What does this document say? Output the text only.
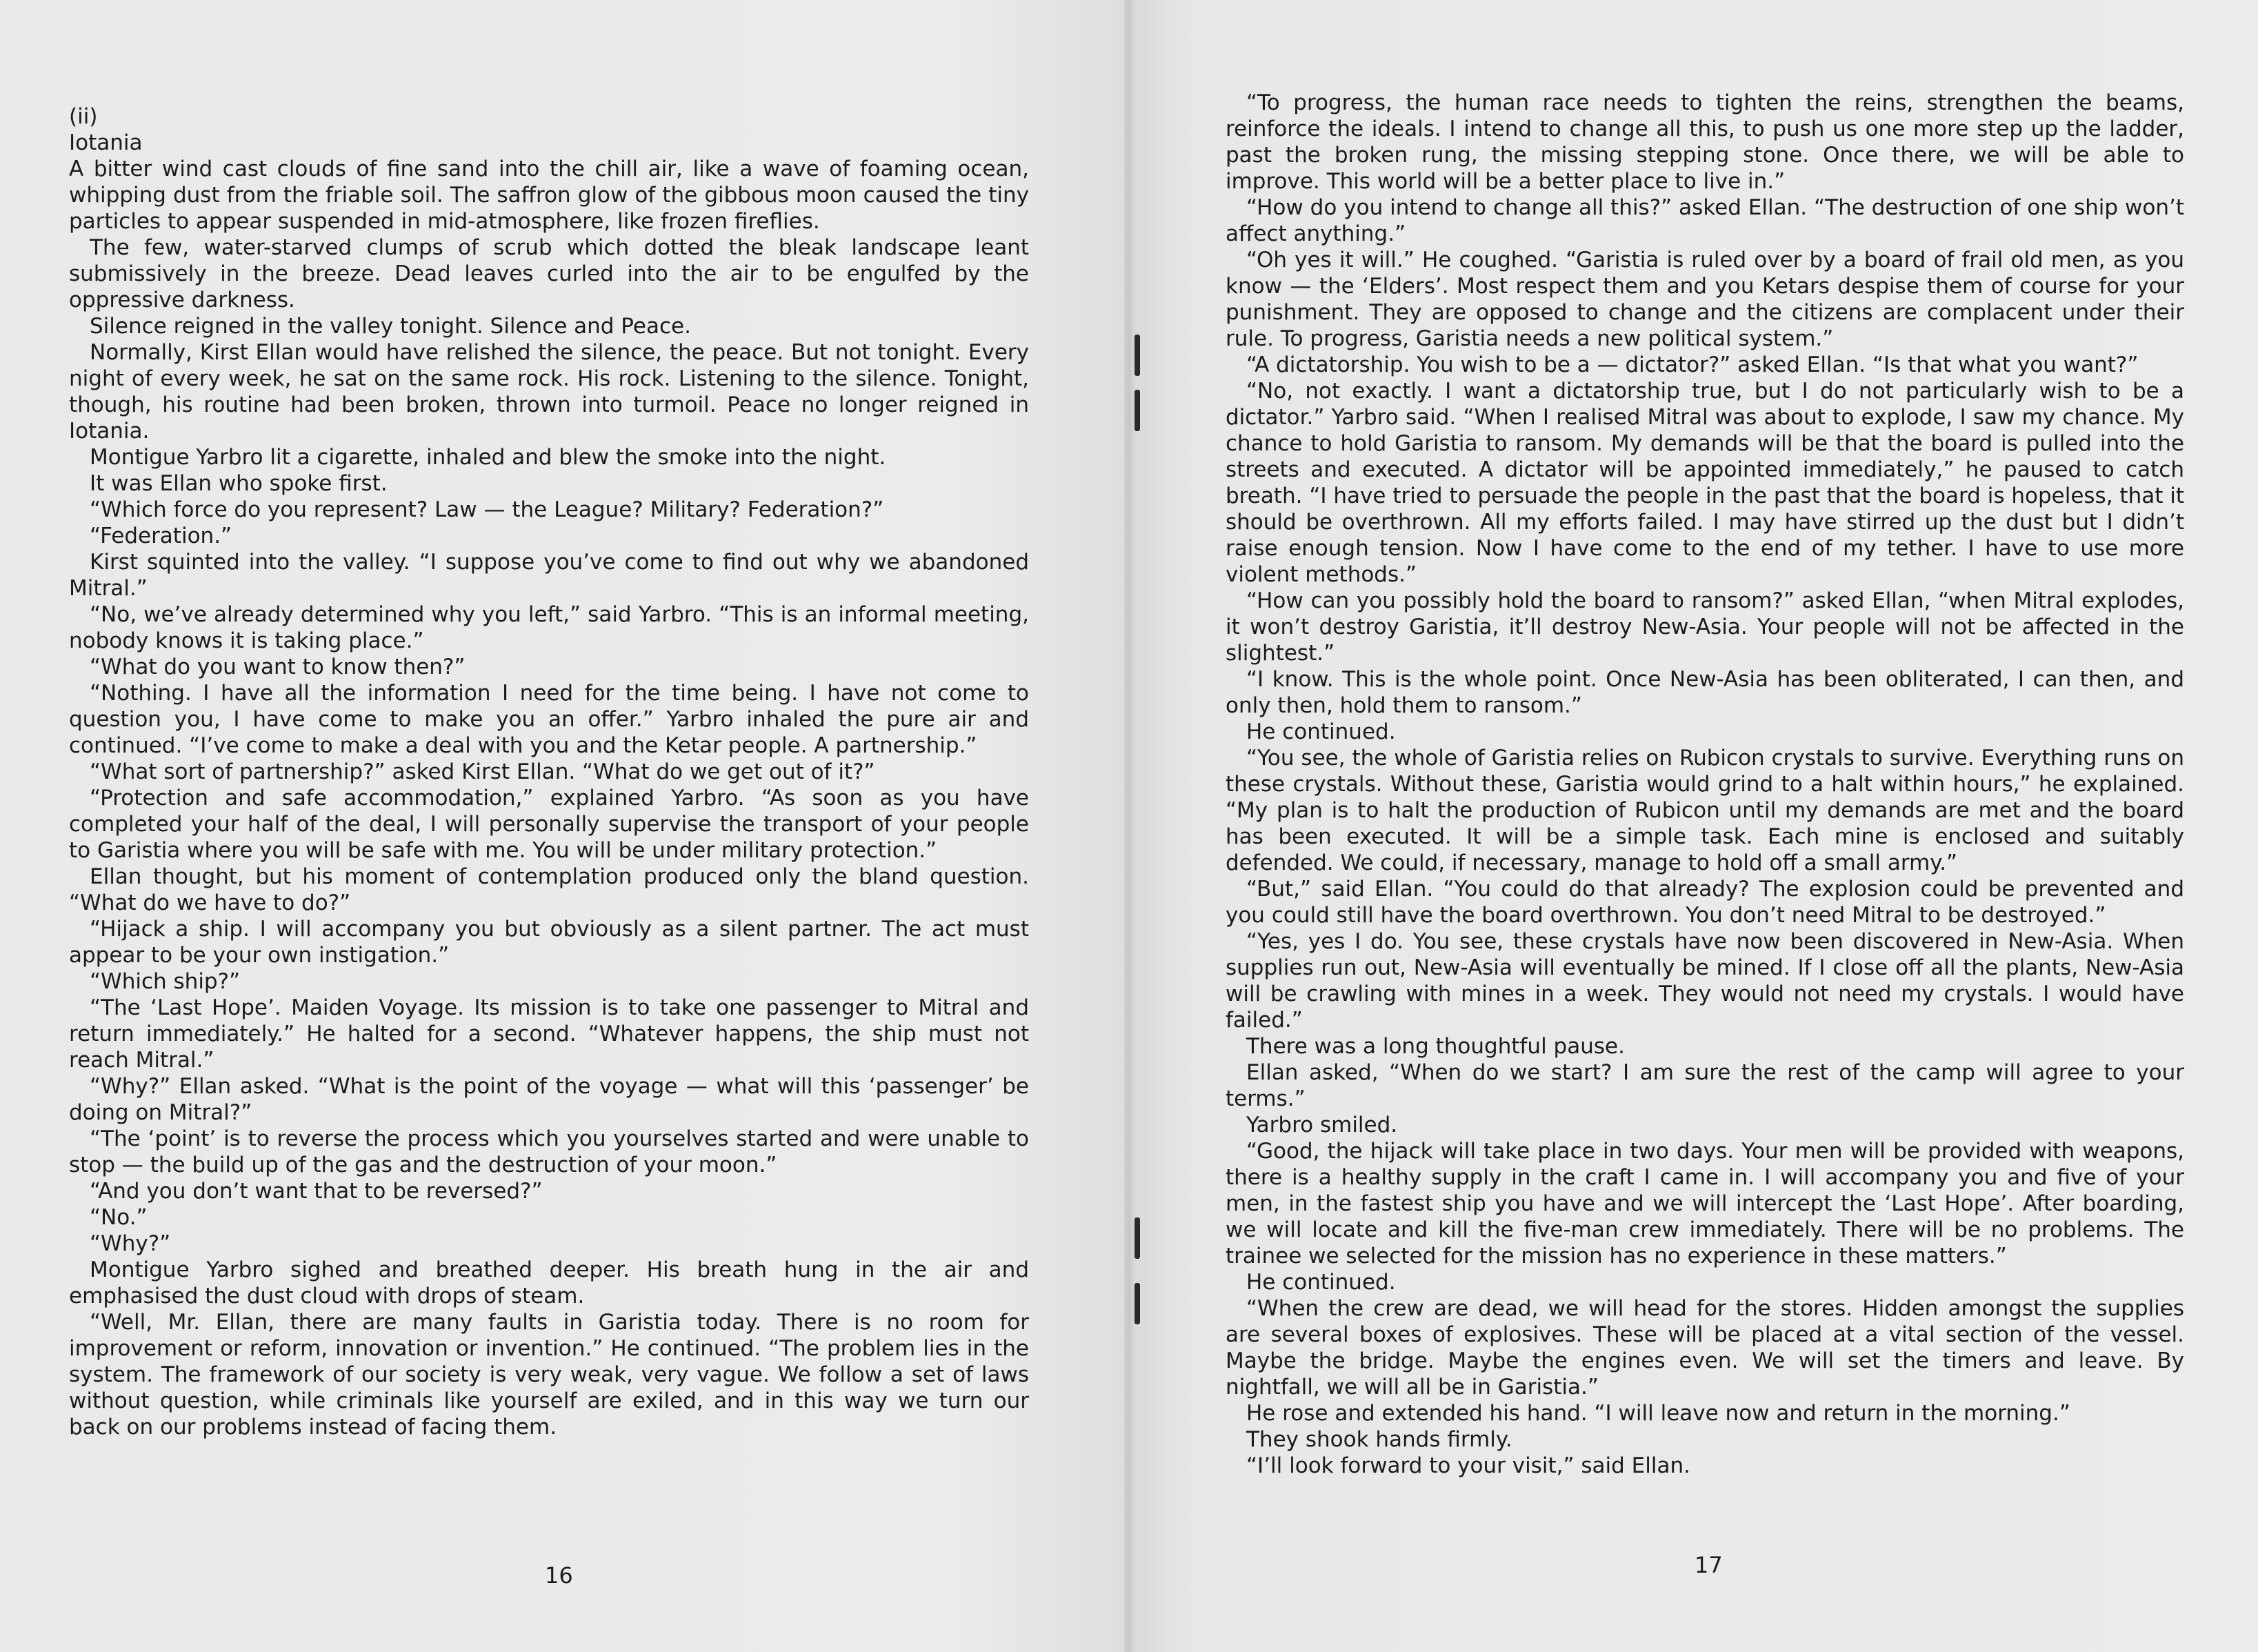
(ii)

Iotania

A bitter wind cast clouds of fine sand into the chill air, like a wave of foaming ocean, whipping dust from the friable soil. The saffron glow of the gibbous moon caused the tiny particles to appear suspended in mid-atmosphere, like frozen fireflies.

The few, water-starved clumps of scrub which dotted the bleak landscape leant submissively in the breeze. Dead leaves curled into the air to be engulfed by the oppressive darkness.

Silence reigned in the valley tonight. Silence and Peace.

Normally, Kirst Ellan would have relished the silence, the peace. But not tonight. Every night of every week, he sat on the same rock. His rock. Listening to the silence. Tonight, though, his routine had been broken, thrown into turmoil. Peace no longer reigned in Iotania.

Montigue Yarbro lit a cigarette, inhaled and blew the smoke into the night.

It was Ellan who spoke first.

“Which force do you represent? Law — the League? Military? Federation?”

“Federation.”

Kirst squinted into the valley. “I suppose you’ve come to find out why we abandoned Mitral.”

“No, we’ve already determined why you left,” said Yarbro. “This is an informal meeting, nobody knows it is taking place.”

“What do you want to know then?”

“Nothing. I have all the information I need for the time being. I have not come to question you, I have come to make you an offer.” Yarbro inhaled the pure air and continued. “I’ve come to make a deal with you and the Ketar people. A partnership.”

“What sort of partnership?” asked Kirst Ellan. “What do we get out of it?”

“Protection and safe accommodation,” explained Yarbro. “As soon as you have completed your half of the deal, I will personally supervise the transport of your people to Garistia where you will be safe with me. You will be under military protection.”

Ellan thought, but his moment of contemplation produced only the bland question. “What do we have to do?”

“Hijack a ship. I will accompany you but obviously as a silent partner. The act must appear to be your own instigation.”

“Which ship?”

“The ‘Last Hope’. Maiden Voyage. Its mission is to take one passenger to Mitral and return immediately.” He halted for a second. “Whatever happens, the ship must not reach Mitral.”

“Why?” Ellan asked. “What is the point of the voyage — what will this ‘passenger’ be doing on Mitral?”

“The ‘point’ is to reverse the process which you yourselves started and were unable to stop — the build up of the gas and the destruction of your moon.”

“And you don’t want that to be reversed?”

“No.”

“Why?”

Montigue Yarbro sighed and breathed deeper. His breath hung in the air and emphasised the dust cloud with drops of steam.

“Well, Mr. Ellan, there are many faults in Garistia today. There is no room for improvement or reform, innovation or invention.” He continued. “The problem lies in the system. The framework of our society is very weak, very vague. We follow a set of laws without question, while criminals like yourself are exiled, and in this way we turn our back on our problems instead of facing them.

16

“To progress, the human race needs to tighten the reins, strengthen the beams, reinforce the ideals. I intend to change all this, to push us one more step up the ladder, past the broken rung, the missing stepping stone. Once there, we will be able to improve. This world will be a better place to live in.”

“How do you intend to change all this?” asked Ellan. “The destruction of one ship won’t affect anything.”

“Oh yes it will.” He coughed. “Garistia is ruled over by a board of frail old men, as you know — the ‘Elders’. Most respect them and you Ketars despise them of course for your punishment. They are opposed to change and the citizens are complacent under their rule. To progress, Garistia needs a new political system.”

“A dictatorship. You wish to be a — dictator?” asked Ellan. “Is that what you want?”

“No, not exactly. I want a dictatorship true, but I do not particularly wish to be a dictator.” Yarbro said. “When I realised Mitral was about to explode, I saw my chance. My chance to hold Garistia to ransom. My demands will be that the board is pulled into the streets and executed. A dictator will be appointed immediately,” he paused to catch breath. “I have tried to persuade the people in the past that the board is hopeless, that it should be overthrown. All my efforts failed. I may have stirred up the dust but I didn’t raise enough tension. Now I have come to the end of my tether. I have to use more violent methods.”

“How can you possibly hold the board to ransom?” asked Ellan, “when Mitral explodes, it won’t destroy Garistia, it’ll destroy New-Asia. Your people will not be affected in the slightest.”

“I know. This is the whole point. Once New-Asia has been obliterated, I can then, and only then, hold them to ransom.”

He continued.

“You see, the whole of Garistia relies on Rubicon crystals to survive. Everything runs on these crystals. Without these, Garistia would grind to a halt within hours,” he explained. “My plan is to halt the production of Rubicon until my demands are met and the board has been executed. It will be a simple task. Each mine is enclosed and suitably defended. We could, if necessary, manage to hold off a small army.”

“But,” said Ellan. “You could do that already? The explosion could be prevented and you could still have the board overthrown. You don’t need Mitral to be destroyed.”

“Yes, yes I do. You see, these crystals have now been discovered in New-Asia. When supplies run out, New-Asia will eventually be mined. If I close off all the plants, New-Asia will be crawling with mines in a week. They would not need my crystals. I would have failed.”

There was a long thoughtful pause.

Ellan asked, “When do we start? I am sure the rest of the camp will agree to your terms.”

Yarbro smiled.

“Good, the hijack will take place in two days. Your men will be provided with weapons, there is a healthy supply in the craft I came in. I will accompany you and five of your men, in the fastest ship you have and we will intercept the ‘Last Hope’. After boarding, we will locate and kill the five-man crew immediately. There will be no problems. The trainee we selected for the mission has no experience in these matters.”

He continued.

“When the crew are dead, we will head for the stores. Hidden amongst the supplies are several boxes of explosives. These will be placed at a vital section of the vessel. Maybe the bridge. Maybe the engines even. We will set the timers and leave. By nightfall, we will all be in Garistia.”

He rose and extended his hand. “I will leave now and return in the morning.”

They shook hands firmly.

“I’ll look forward to your visit,” said Ellan.

17
